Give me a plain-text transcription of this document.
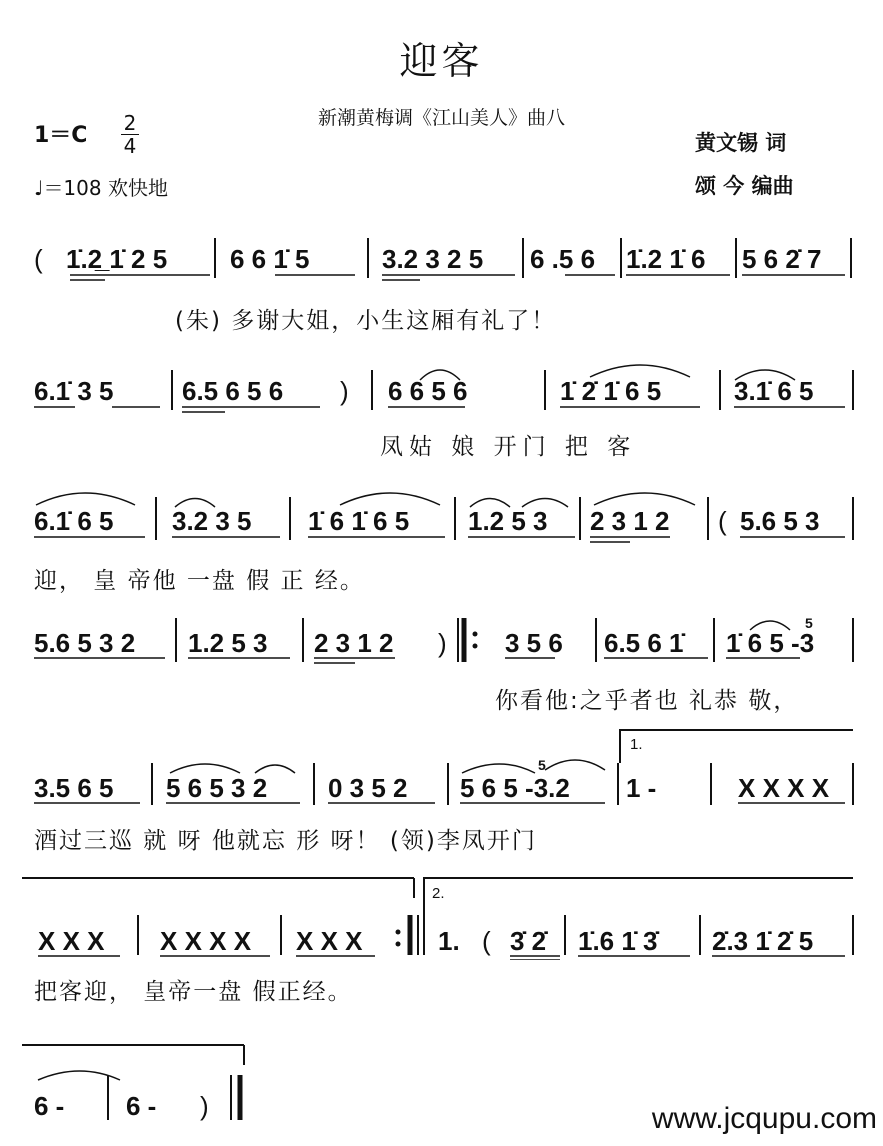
迎客
新潮黄梅调《江山美人》曲八
1＝C 2
4
♩＝108 欢快地
黄文锡 词
颂 今 编曲
( 1̇.2̲ 1̇ 2 5 6 6 1̇ 5	3.2 3 2 5 6 .5 6 1̇.2 1̇ 6 5 6 2̇ 7
(朱) 多谢大姐，小生这厢有礼了！
6.1̇ 3 5	6.5 6 5 6 ) 6 6 5 6	1̇ 2̇ 1̇ 6 5	3.1̇ 6 5
凤姑 娘 开门 把 客
6.1̇ 6 5 3.2 3 5 1̇ 6 1̇ 6 5 1.2 5 3 2 3 1 2 ( 5.6 5 3
迎， 皇 帝他 一盘 假 正 经。
5.6 5 3 2 1.2 5 3 2 3 1 2 ) 3 5 6 6.5 6 1̇ 1̇ 6 5 ‑3
5
你看他:之乎者也 礼恭 敬，
3.5 6 5 5 6 5 3 2 0 3 5 2 5 6 5 ‑3.2
5
1.
1 -	X X X X
酒过三巡 就 呀 他就忘 形 呀！ (领)李凤开门
X X X X X X X X X X
2.
1. ( 3̇ 2̇ 1̇.6 1̇ 3̇ 2̇.3 1̇ 2̇ 5
把客迎， 皇帝一盘 假正经。
6 - 6 - )	www.jcqupu.com
